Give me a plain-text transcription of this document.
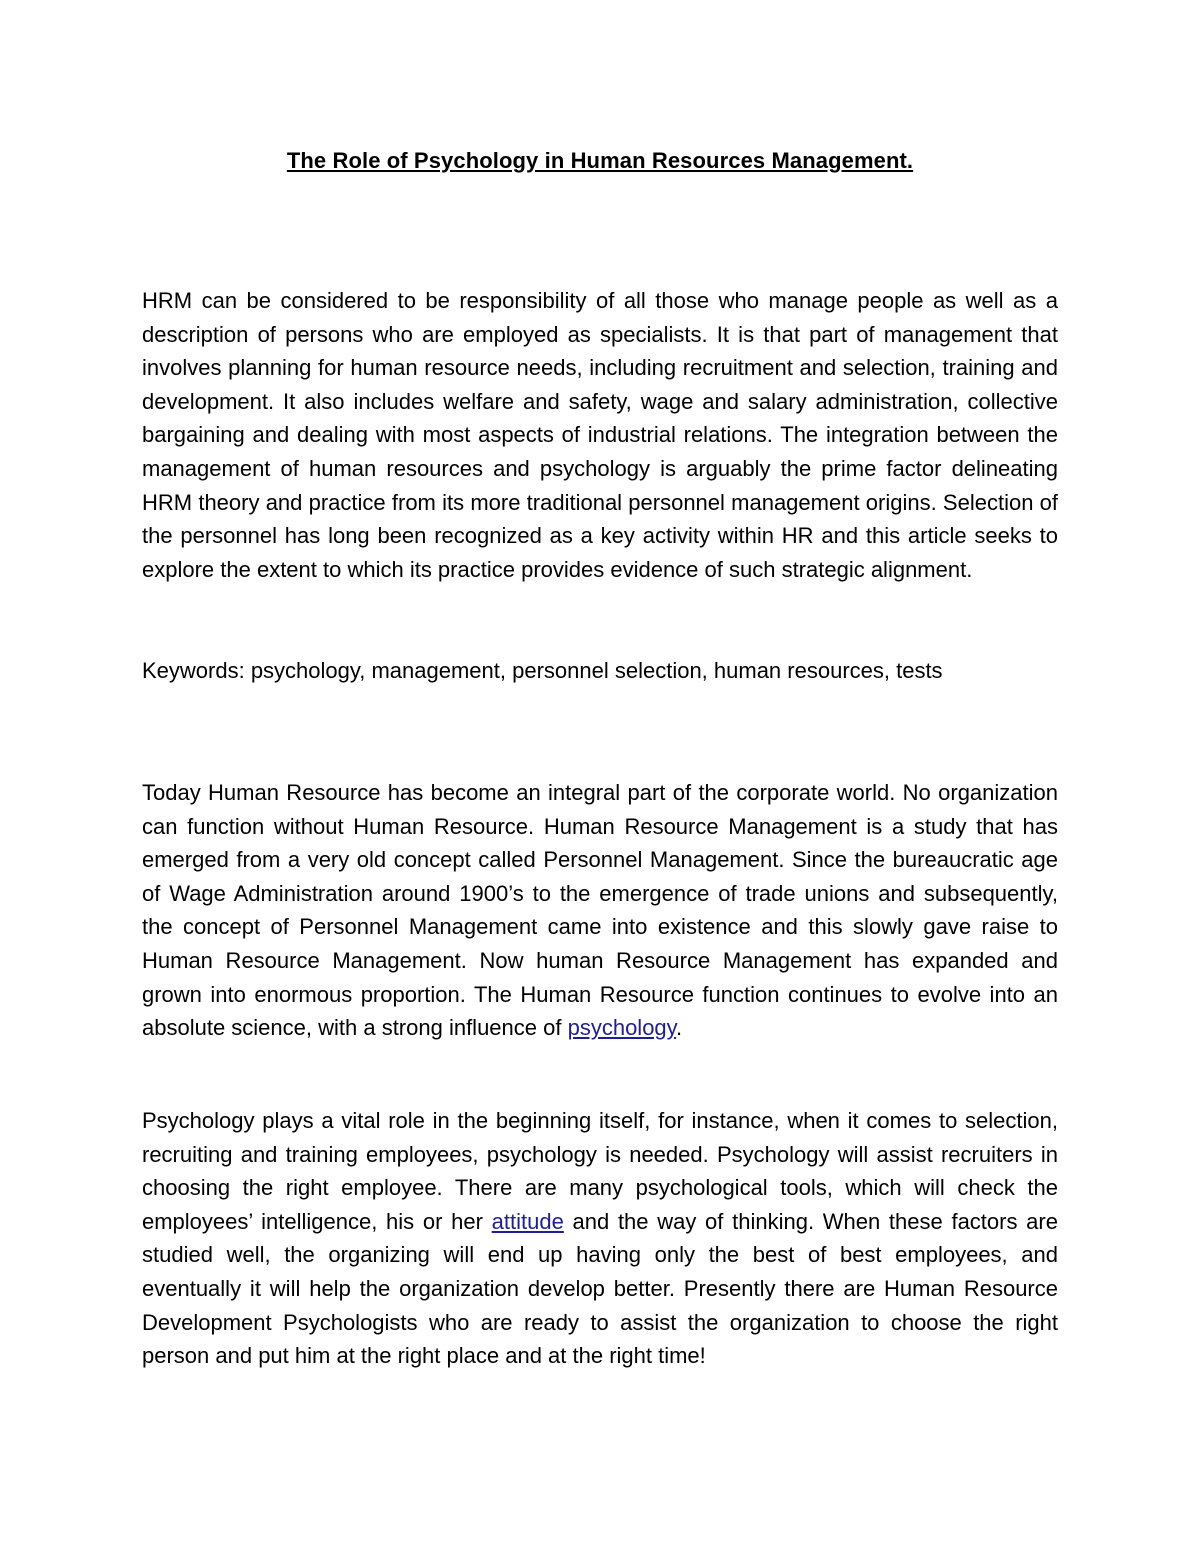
The Role of Psychology in Human Resources Management.

HRM can be considered to be responsibility of all those who manage people as well as a description of persons who are employed as specialists. It is that part of management that involves planning for human resource needs, including recruitment and selection, training and development. It also includes welfare and safety, wage and salary administration, collective bargaining and dealing with most aspects of industrial relations. The integration between the management of human resources and psychology is arguably the prime factor delineating HRM theory and practice from its more traditional personnel management origins. Selection of the personnel has long been recognized as a key activity within HR and this article seeks to explore the extent to which its practice provides evidence of such strategic alignment.

Keywords: psychology, management, personnel selection, human resources, tests

Today Human Resource has become an integral part of the corporate world. No organization can function without Human Resource. Human Resource Management is a study that has emerged from a very old concept called Personnel Management. Since the bureaucratic age of Wage Administration around 1900’s to the emergence of trade unions and subsequently, the concept of Personnel Management came into existence and this slowly gave raise to Human Resource Management. Now human Resource Management has expanded and grown into enormous proportion. The Human Resource function continues to evolve into an absolute science, with a strong influence of psychology.

Psychology plays a vital role in the beginning itself, for instance, when it comes to selection, recruiting and training employees, psychology is needed. Psychology will assist recruiters in choosing the right employee. There are many psychological tools, which will check the employees’ intelligence, his or her attitude and the way of thinking. When these factors are studied well, the organizing will end up having only the best of best employees, and eventually it will help the organization develop better. Presently there are Human Resource Development Psychologists who are ready to assist the organization to choose the right person and put him at the right place and at the right time!
